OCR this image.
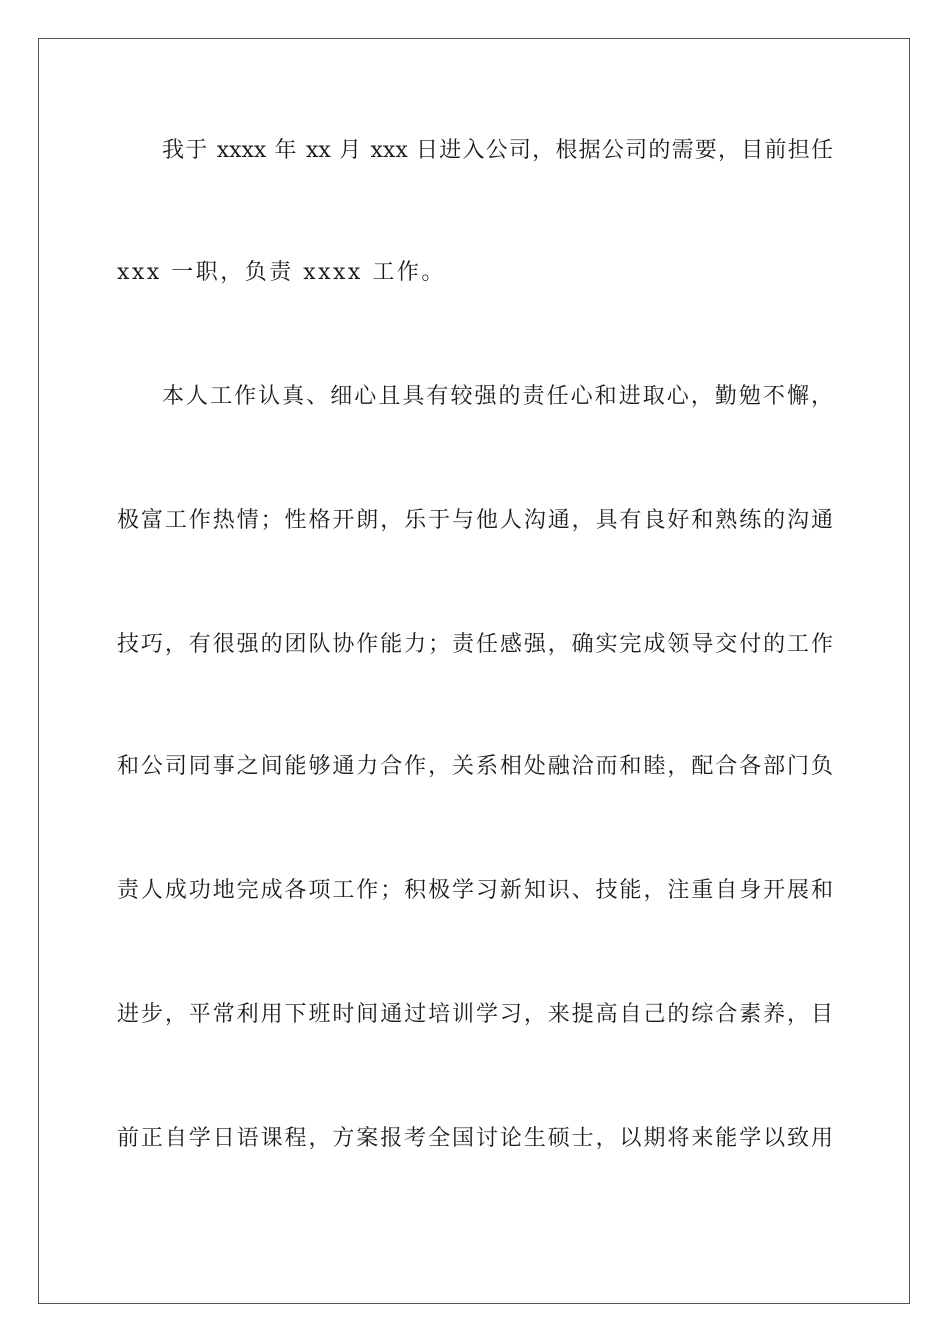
我于 xxxx 年 xx 月 xxx 日进入公司，根据公司的需要，目前担任
xxx 一职，负责 xxxx 工作。
本人工作认真、细心且具有较强的责任心和进取心，勤勉不懈，
极富工作热情；性格开朗，乐于与他人沟通，具有良好和熟练的沟通
技巧，有很强的团队协作能力；责任感强，确实完成领导交付的工作
和公司同事之间能够通力合作，关系相处融洽而和睦，配合各部门负
责人成功地完成各项工作；积极学习新知识、技能，注重自身开展和
进步，平常利用下班时间通过培训学习，来提高自己的综合素养，目
前正自学日语课程，方案报考全国讨论生硕士，以期将来能学以致用
